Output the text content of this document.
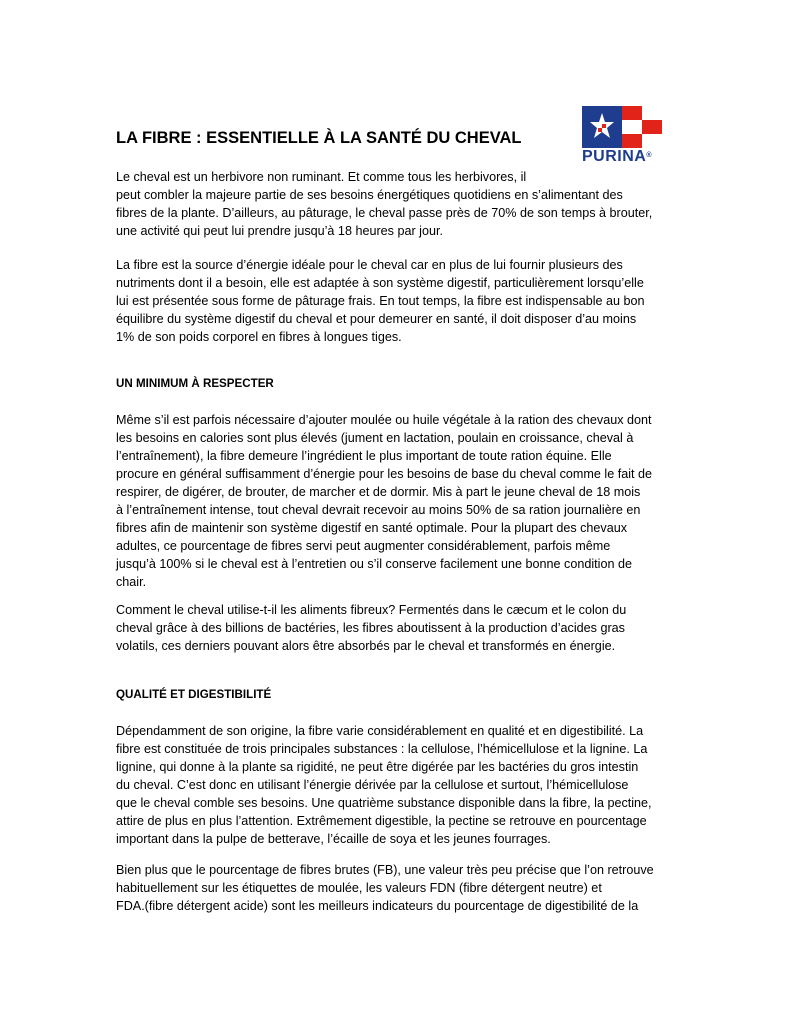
PURINA®
LA FIBRE : ESSENTIELLE À LA SANTÉ DU CHEVAL
Le cheval est un herbivore non ruminant. Et comme tous les herbivores, il
peut combler la majeure partie de ses besoins énergétiques quotidiens en s’alimentant des
fibres de la plante. D’ailleurs, au pâturage, le cheval passe près de 70% de son temps à brouter,
une activité qui peut lui prendre jusqu’à 18 heures par jour.
La fibre est la source d’énergie idéale pour le cheval car en plus de lui fournir plusieurs des
nutriments dont il a besoin, elle est adaptée à son système digestif, particulièrement lorsqu’elle
lui est présentée sous forme de pâturage frais. En tout temps, la fibre est indispensable au bon
équilibre du système digestif du cheval et pour demeurer en santé, il doit disposer d’au moins
1% de son poids corporel en fibres à longues tiges.
UN MINIMUM À RESPECTER
Même s’il est parfois nécessaire d’ajouter moulée ou huile végétale à la ration des chevaux dont
les besoins en calories sont plus élevés (jument en lactation, poulain en croissance, cheval à
l’entraînement), la fibre demeure l’ingrédient le plus important de toute ration équine. Elle
procure en général suffisamment d’énergie pour les besoins de base du cheval comme le fait de
respirer, de digérer, de brouter, de marcher et de dormir. Mis à part le jeune cheval de 18 mois
à l’entraînement intense, tout cheval devrait recevoir au moins 50% de sa ration journalière en
fibres afin de maintenir son système digestif en santé optimale. Pour la plupart des chevaux
adultes, ce pourcentage de fibres servi peut augmenter considérablement, parfois même
jusqu’à 100% si le cheval est à l’entretien ou s’il conserve facilement une bonne condition de
chair.
Comment le cheval utilise-t-il les aliments fibreux? Fermentés dans le cæcum et le colon du
cheval grâce à des billions de bactéries, les fibres aboutissent à la production d’acides gras
volatils, ces derniers pouvant alors être absorbés par le cheval et transformés en énergie.
QUALITÉ ET DIGESTIBILITÉ
Dépendamment de son origine, la fibre varie considérablement en qualité et en digestibilité. La
fibre est constituée de trois principales substances : la cellulose, l’hémicellulose et la lignine. La
lignine, qui donne à la plante sa rigidité, ne peut être digérée par les bactéries du gros intestin
du cheval. C’est donc en utilisant l’énergie dérivée par la cellulose et surtout, l’hémicellulose
que le cheval comble ses besoins. Une quatrième substance disponible dans la fibre, la pectine,
attire de plus en plus l’attention. Extrêmement digestible, la pectine se retrouve en pourcentage
important dans la pulpe de betterave, l’écaille de soya et les jeunes fourrages.
Bien plus que le pourcentage de fibres brutes (FB), une valeur très peu précise que l’on retrouve
habituellement sur les étiquettes de moulée, les valeurs FDN (fibre détergent neutre) et
FDA.(fibre détergent acide) sont les meilleurs indicateurs du pourcentage de digestibilité de la
